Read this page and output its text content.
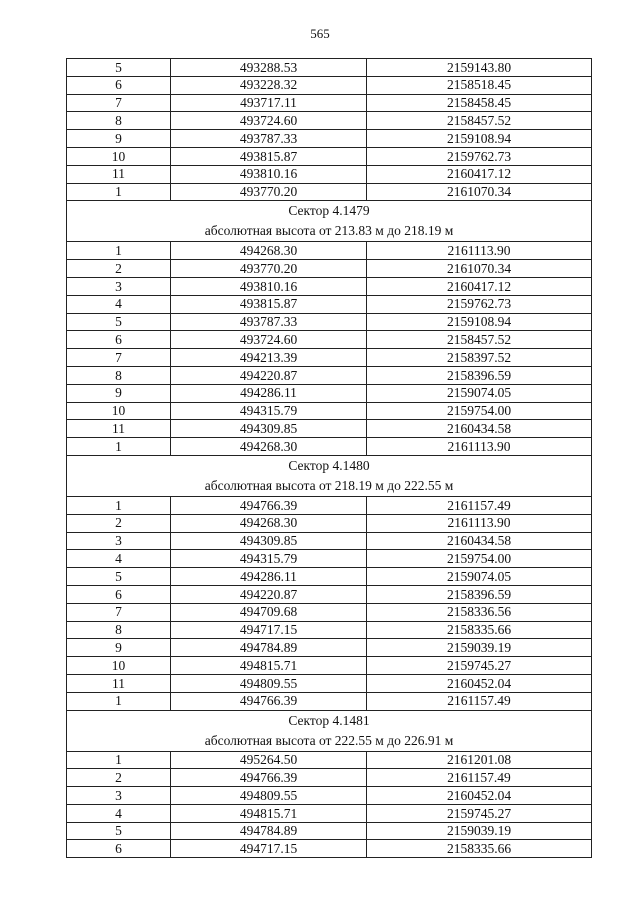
565
5	493288.53	2159143.80
6	493228.32	2158518.45
7	493717.11	2158458.45
8	493724.60	2158457.52
9	493787.33	2159108.94
10	493815.87	2159762.73
11	493810.16	2160417.12
1	493770.20	2161070.34

Сектор 4.1479
абсолютная высота от 213.83 м до 218.19 м		

1	494268.30	2161113.90
2	493770.20	2161070.34
3	493810.16	2160417.12
4	493815.87	2159762.73
5	493787.33	2159108.94
6	493724.60	2158457.52
7	494213.39	2158397.52
8	494220.87	2158396.59
9	494286.11	2159074.05
10	494315.79	2159754.00
11	494309.85	2160434.58
1	494268.30	2161113.90

Сектор 4.1480
абсолютная высота от 218.19 м до 222.55 м		

1	494766.39	2161157.49
2	494268.30	2161113.90
3	494309.85	2160434.58
4	494315.79	2159754.00
5	494286.11	2159074.05
6	494220.87	2158396.59
7	494709.68	2158336.56
8	494717.15	2158335.66
9	494784.89	2159039.19
10	494815.71	2159745.27
11	494809.55	2160452.04
1	494766.39	2161157.49

Сектор 4.1481
абсолютная высота от 222.55 м до 226.91 м		

1	495264.50	2161201.08
2	494766.39	2161157.49
3	494809.55	2160452.04
4	494815.71	2159745.27
5	494784.89	2159039.19
6	494717.15	2158335.66
